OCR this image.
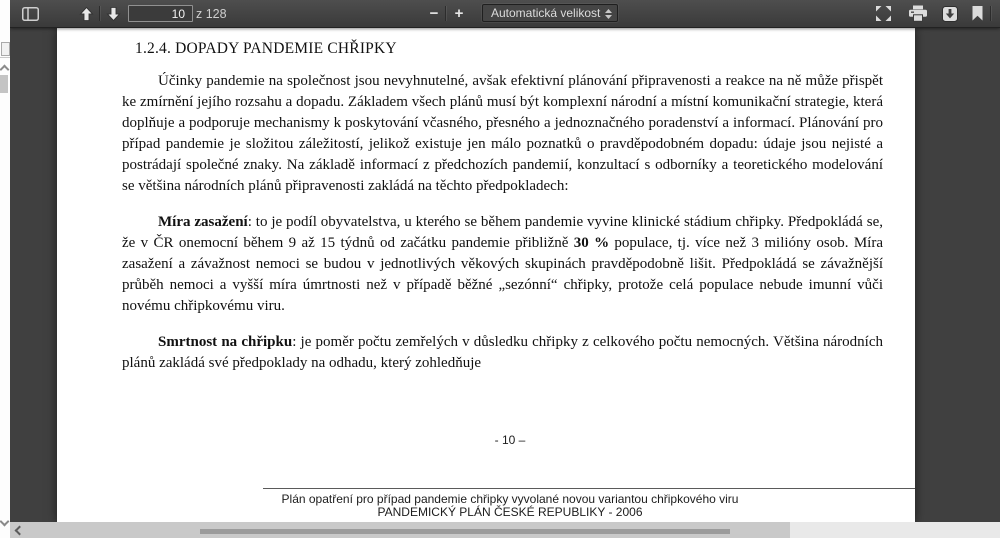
10
z 128	− + Automatická velikost
1.2.4. DOPADY PANDEMIE CHŘIPKY

Účinky pandemie na společnost jsou nevyhnutelné, avšak efektivní plánování připravenosti a reakce na ně může přispět ke zmírnění jejího rozsahu a dopadu. Základem všech plánů musí být komplexní národní a místní komunikační strategie, která doplňuje a podporuje mechanismy k poskytování včasného, přesného a jednoznačného poradenství a informací. Plánování pro případ pandemie je složitou záležitostí, jelikož existuje jen málo poznatků o pravděpodobném dopadu: údaje jsou nejisté a postrádají společné znaky. Na základě informací z předchozích pandemií, konzultací s odborníky a teoretického modelování se většina národních plánů připravenosti zakládá na těchto předpokladech:

Míra zasažení: to je podíl obyvatelstva, u kterého se během pandemie vyvine klinické stádium chřipky. Předpokládá se, že v ČR onemocní během 9 až 15 týdnů od začátku pandemie přibližně 30 % populace, tj. více než 3 milióny osob. Míra zasažení a závažnost nemoci se budou v jednotlivých věkových skupinách pravděpodobně lišit. Předpokládá se závažnější průběh nemoci a vyšší míra úmrtnosti než v případě běžné „sezónní“ chřipky, protože celá populace nebude imunní vůči novému chřipkovému viru.

Smrtnost na chřipku: je poměr počtu zemřelých v důsledku chřipky z celkového počtu nemocných. Většina národních plánů zakládá své předpoklady na odhadu, který zohledňuje

- 10 –
Plán opatření pro případ pandemie chřipky vyvolané novou variantou chřipkového viru
PANDEMICKÝ PLÁN ČESKÉ REPUBLIKY - 2006
